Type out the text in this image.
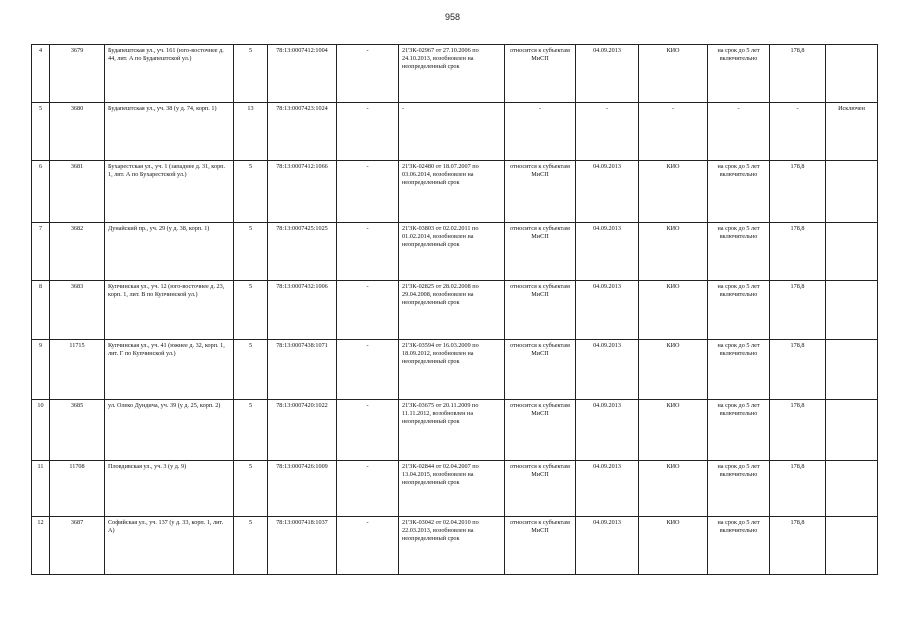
958
4	3679	Будапештская ул., уч. 161 (юго-восточнее д. 44, лит. А по Будапештской ул.)	5	78:13:0007412:1004	-	21'ЗК-02967 от 27.10.2006 по 24.10.2013, возобновлен на неопределенный срок	относится к субъектам МиСП	04.09.2013	КИО	на срок до 5 лет включительно	178,8	
5	3680	Будапештская ул., уч. 38 (у д. 74, корп. 1)	13	78:13:0007423:1024	-	-	-	-	-	-	-	Исключен
6	3681	Бухарестская ул., уч. 1 (западнее д. 31, корп. 1, лит. А по Бухарестской ул.)	5	78:13:0007412:1066	-	21'ЗК-02480 от 18.07.2007 по 03.06.2014, возобновлен на неопределенный срок	относится к субъектам МиСП	04.09.2013	КИО	на срок до 5 лет включительно	178,8	
7	3682	Дунайский пр., уч. 29 (у д. 38, корп. 1)	5	78:13:0007425:1025	-	21'ЗК-03803 от 02.02.2011 по 01.02.2014, возобновлен на неопределенный срок	относится к субъектам МиСП	04.09.2013	КИО	на срок до 5 лет включительно	178,8	
8	3683	Купчинская ул., уч. 12 (юго-восточнее д. 23, корп. 1, лит. В по Купчинской ул.)	5	78:13:0007432:1006	-	21'ЗК-02825 от 28.02.2008 по 29.04.2008, возобновлен на неопределенный срок	относится к субъектам МиСП	04.09.2013	КИО	на срок до 5 лет включительно	178,8	
9	11715	Купчинская ул., уч. 41 (южнее д. 32, корп. 1, лит. Г по Купчинской ул.)	5	78:13:0007438:1071	-	21'ЗК-03594 от 16.03.2009 по 18.09.2012, возобновлен на неопределенный срок	относится к субъектам МиСП	04.09.2013	КИО	на срок до 5 лет включительно	178,8	
10	3685	ул. Олеко Дундича, уч. 39 (у д. 25, корп. 2)	5	78:13:0007420:1022	-	21'ЗК-03675 от 20.11.2009 по 11.11.2012, возобновлен на неопределенный срок	относится к субъектам МиСП	04.09.2013	КИО	на срок до 5 лет включительно	178,8	
11	11708	Пловдивская ул., уч. 3 (у д. 9)	5	78:13:0007426:1009	-	21'ЗК-02844 от 02.04.2007 по 13.04.2015, возобновлен на неопределенный срок	относится к субъектам МиСП	04.09.2013	КИО	на срок до 5 лет включительно	178,8	
12	3687	Софийская ул., уч. 137 (у д. 33, корп. 1, лит. А)	5	78:13:0007418:1037	-	21'ЗК-03042 от 02.04.2010 по 22.03.2013, возобновлен на неопределенный срок	относится к субъектам МиСП	04.09.2013	КИО	на срок до 5 лет включительно	178,8	
